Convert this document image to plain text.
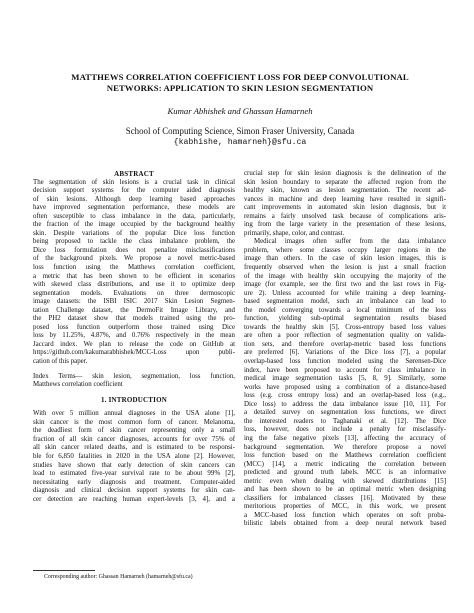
MATTHEWS CORRELATION COEFFICIENT LOSS FOR DEEP CONVOLUTIONAL
NETWORKS: APPLICATION TO SKIN LESION SEGMENTATION
Kumar Abhishek and Ghassan Hamarneh
School of Computing Science, Simon Fraser University, Canada
{kabhishe, hamarneh}@sfu.ca
ABSTRACT
The segmentation of skin lesions is a crucial task in clinical
decision support systems for the computer aided diagnosis
of skin lesions. Although deep learning based approaches
have improved segmentation performance, these models are
often susceptible to class imbalance in the data, particularly,
the fraction of the image occupied by the background healthy
skin. Despite variations of the popular Dice loss function
being proposed to tackle the class imbalance problem, the
Dice loss formulation does not penalize misclassifications
of the background pixels. We propose a novel metric-based
loss function using the Matthews correlation coefficient,
a metric that has been shown to be efficient in scenarios
with skewed class distributions, and use it to optimize deep
segmentation models. Evaluations on three dermoscopic
image datasets: the ISBI ISIC 2017 Skin Lesion Segmen-
tation Challenge dataset, the DermoFit Image Library, and
the PH2 dataset show that models trained using the pro-
posed loss function outperform those trained using Dice
loss by 11.25%, 4.87%, and 0.76% respectively in the mean
Jaccard index. We plan to release the code on GitHub at
https://github.com/kakumarabhishek/MCC-Loss upon publi-
cation of this paper.
Index Terms— skin lesion, segmentation, loss function,
Matthews correlation coefficient
1. INTRODUCTION
With over 5 million annual diagnoses in the USA alone [1],
skin cancer is the most common form of cancer. Melanoma,
the deadliest form of skin cancer representing only a small
fraction of all skin cancer diagnoses, accounts for over 75% of
all skin cancer related deaths, and is estimated to be responsi-
ble for 6,850 fatalities in 2020 in the USA alone [2]. However,
studies have shown that early detection of skin cancers can
lead to estimated five-year survival rate to be about 99% [2],
necessitating early diagnosis and treatment. Computer-aided
diagnosis and clinical decision support systems for skin can-
cer detection are reaching human expert-levels [3, 4], and a
crucial step for skin lesion diagnosis is the delineation of the
skin lesion boundary to separate the affected region from the
healthy skin, known as lesion segmentation. The recent ad-
vances in machine and deep learning have resulted in signifi-
cant improvements in automated skin lesion diagnosis, but it
remains a fairly unsolved task because of complications aris-
ing from the large variety in the presentation of these lesions,
primarily, shape, color, and contrast.
Medical images often suffer from the data imbalance
problem, where some classes occupy larger regions in the
image than others. In the case of skin lesion images, this is
frequently observed when the lesion is just a small fraction
of the image with healthy skin occupying the majority of the
image (for example, see the first two and the last rows in Fig-
ure 2). Unless accounted for while training a deep learning-
based segmentation model, such an imbalance can lead to
the model converging towards a local minimum of the loss
function, yielding sub-optimal segmentation results biased
towards the healthy skin [5]. Cross-entropy based loss values
are often a poor reflection of segmentation quality on valida-
tion sets, and therefore overlap-metric based loss functions
are preferred [6]. Variations of the Dice loss [7], a popular
overlap-based loss function modeled using the Sørensen-Dice
index, have been proposed to account for class imbalance in
medical image segmentation tasks [5, 8, 9]. Similarly, some
works have proposed using a combination of a distance-based
loss (e.g. cross entropy loss) and an overlap-based loss (e.g.,
Dice loss) to address the data imbalance issue [10, 11]. For
a detailed survey on segmentation loss functions, we direct
the interested readers to Taghanaki et al. [12]. The Dice
loss, however, does not include a penalty for misclassify-
ing the false negative pixels [13], affecting the accuracy of
background segmentation. We therefore propose a novel
loss function based on the Matthews correlation coefficient
(MCC) [14], a metric indicating the correlation between
predicted and ground truth labels. MCC is an informative
metric even when dealing with skewed distributions [15]
and has been shown to be an optimal metric when designing
classifiers for imbalanced classes [16]. Motivated by these
meritorious properties of MCC, in this work, we present
a MCC-based loss function which operates on soft proba-
bilistic labels obtained from a deep neural network based
Corresponding author: Ghassan Hamarneh (hamarneh@sfu.ca)
